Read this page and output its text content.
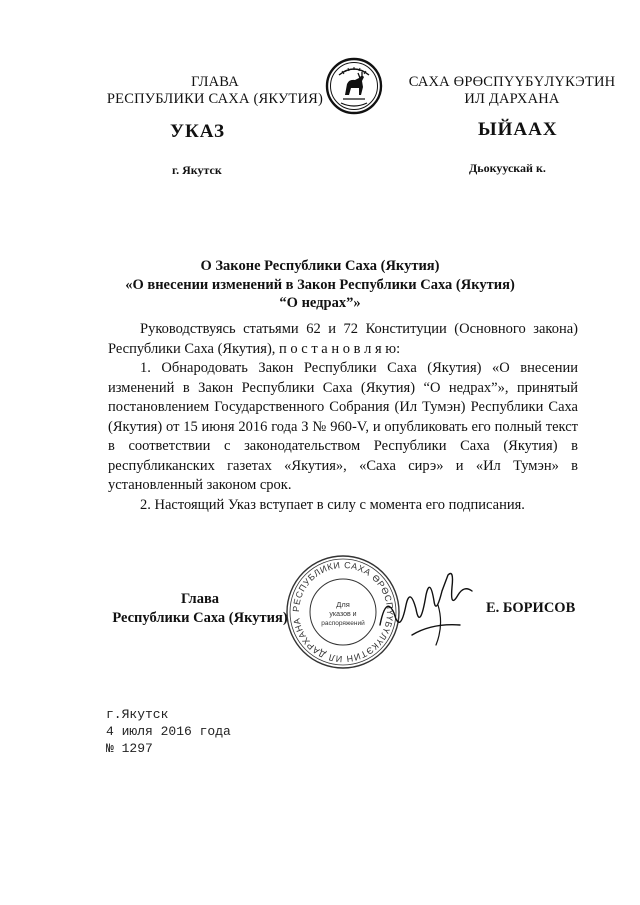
ГЛАВА
РЕСПУБЛИКИ САХА (ЯКУТИЯ)
САХА ӨРӨСПҮҮБҮЛҮКЭТИН
ИЛ ДАРХАНА
УКАЗ	ЫЙААХ
г. Якутск	Дьокуускай к.
О Законе Республики Саха (Якутия)
«О внесении изменений в Закон Республики Саха (Якутия)
“О недрах”»

Руководствуясь статьями 62 и 72 Конституции (Основного закона) Республики Саха (Якутия), п о с т а н о в л я ю:

1. Обнародовать Закон Республики Саха (Якутия) «О внесении изменений в Закон Республики Саха (Якутия) “О недрах”», принятый постановлением Государственного Собрания (Ил Тумэн) Республики Саха (Якутия) от 15 июня 2016 года З № 960-V, и опубликовать его полный текст в соответствии с законодательством Республики Саха (Якутия) в республиканских газетах «Якутия», «Саха сирэ» и «Ил Тумэн» в установленный законом срок.

2. Настоящий Указ вступает в силу с момента его подписания.

Глава
Республики Саха (Якутия)
РЕСПУБЛИКИ САХА ӨРӨСПҮҮБҮЛҮКЭТИН ИЛ ДАРХАНА
Для
указов и
распоряжений
Е. БОРИСОВ
г.Якутск
4 июля 2016 года
№ 1297
